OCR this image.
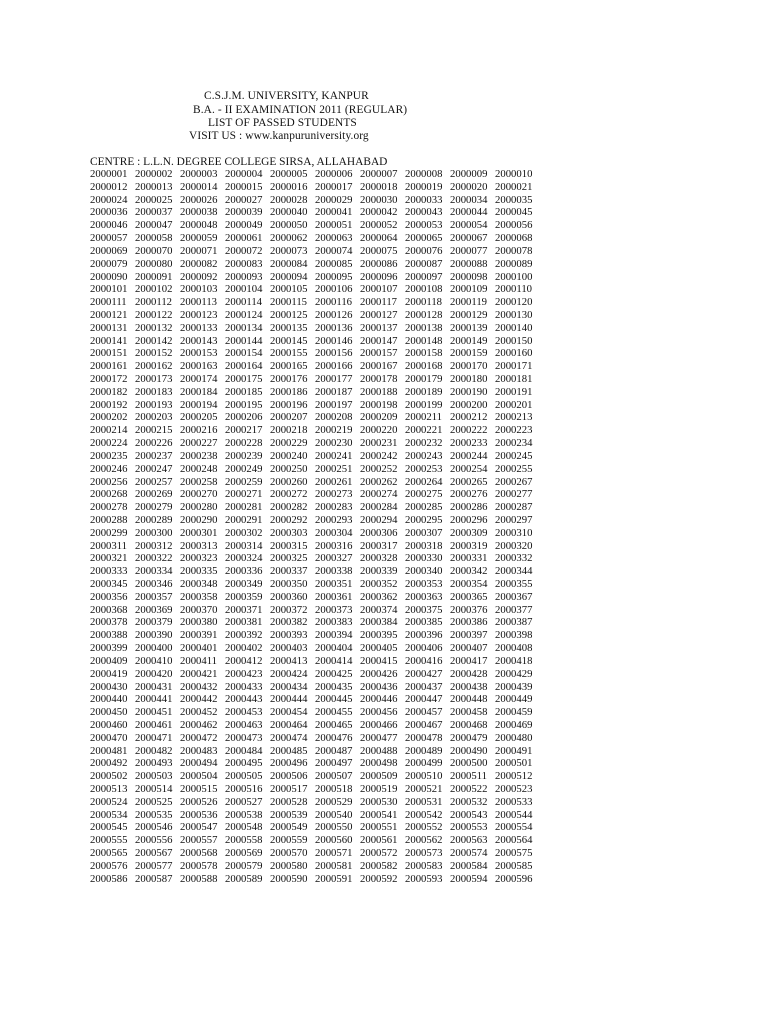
C.S.J.M. UNIVERSITY, KANPUR
B.A. - II EXAMINATION 2011 (REGULAR)
LIST OF PASSED STUDENTS
VISIT US : www.kanpuruniversity.org
CENTRE : L.L.N. DEGREE COLLEGE SIRSA, ALLAHABAD
2000001 2000002 2000003 2000004 2000005 2000006 2000007 2000008 2000009 2000010
2000012 2000013 2000014 2000015 2000016 2000017 2000018 2000019 2000020 2000021
2000024 2000025 2000026 2000027 2000028 2000029 2000030 2000033 2000034 2000035
2000036 2000037 2000038 2000039 2000040 2000041 2000042 2000043 2000044 2000045
2000046 2000047 2000048 2000049 2000050 2000051 2000052 2000053 2000054 2000056
2000057 2000058 2000059 2000061 2000062 2000063 2000064 2000065 2000067 2000068
2000069 2000070 2000071 2000072 2000073 2000074 2000075 2000076 2000077 2000078
2000079 2000080 2000082 2000083 2000084 2000085 2000086 2000087 2000088 2000089
2000090 2000091 2000092 2000093 2000094 2000095 2000096 2000097 2000098 2000100
2000101 2000102 2000103 2000104 2000105 2000106 2000107 2000108 2000109 2000110
2000111 2000112 2000113 2000114 2000115 2000116 2000117 2000118 2000119 2000120
2000121 2000122 2000123 2000124 2000125 2000126 2000127 2000128 2000129 2000130
2000131 2000132 2000133 2000134 2000135 2000136 2000137 2000138 2000139 2000140
2000141 2000142 2000143 2000144 2000145 2000146 2000147 2000148 2000149 2000150
2000151 2000152 2000153 2000154 2000155 2000156 2000157 2000158 2000159 2000160
2000161 2000162 2000163 2000164 2000165 2000166 2000167 2000168 2000170 2000171
2000172 2000173 2000174 2000175 2000176 2000177 2000178 2000179 2000180 2000181
2000182 2000183 2000184 2000185 2000186 2000187 2000188 2000189 2000190 2000191
2000192 2000193 2000194 2000195 2000196 2000197 2000198 2000199 2000200 2000201
2000202 2000203 2000205 2000206 2000207 2000208 2000209 2000211 2000212 2000213
2000214 2000215 2000216 2000217 2000218 2000219 2000220 2000221 2000222 2000223
2000224 2000226 2000227 2000228 2000229 2000230 2000231 2000232 2000233 2000234
2000235 2000237 2000238 2000239 2000240 2000241 2000242 2000243 2000244 2000245
2000246 2000247 2000248 2000249 2000250 2000251 2000252 2000253 2000254 2000255
2000256 2000257 2000258 2000259 2000260 2000261 2000262 2000264 2000265 2000267
2000268 2000269 2000270 2000271 2000272 2000273 2000274 2000275 2000276 2000277
2000278 2000279 2000280 2000281 2000282 2000283 2000284 2000285 2000286 2000287
2000288 2000289 2000290 2000291 2000292 2000293 2000294 2000295 2000296 2000297
2000299 2000300 2000301 2000302 2000303 2000304 2000306 2000307 2000309 2000310
2000311 2000312 2000313 2000314 2000315 2000316 2000317 2000318 2000319 2000320
2000321 2000322 2000323 2000324 2000325 2000327 2000328 2000330 2000331 2000332
2000333 2000334 2000335 2000336 2000337 2000338 2000339 2000340 2000342 2000344
2000345 2000346 2000348 2000349 2000350 2000351 2000352 2000353 2000354 2000355
2000356 2000357 2000358 2000359 2000360 2000361 2000362 2000363 2000365 2000367
2000368 2000369 2000370 2000371 2000372 2000373 2000374 2000375 2000376 2000377
2000378 2000379 2000380 2000381 2000382 2000383 2000384 2000385 2000386 2000387
2000388 2000390 2000391 2000392 2000393 2000394 2000395 2000396 2000397 2000398
2000399 2000400 2000401 2000402 2000403 2000404 2000405 2000406 2000407 2000408
2000409 2000410 2000411 2000412 2000413 2000414 2000415 2000416 2000417 2000418
2000419 2000420 2000421 2000423 2000424 2000425 2000426 2000427 2000428 2000429
2000430 2000431 2000432 2000433 2000434 2000435 2000436 2000437 2000438 2000439
2000440 2000441 2000442 2000443 2000444 2000445 2000446 2000447 2000448 2000449
2000450 2000451 2000452 2000453 2000454 2000455 2000456 2000457 2000458 2000459
2000460 2000461 2000462 2000463 2000464 2000465 2000466 2000467 2000468 2000469
2000470 2000471 2000472 2000473 2000474 2000476 2000477 2000478 2000479 2000480
2000481 2000482 2000483 2000484 2000485 2000487 2000488 2000489 2000490 2000491
2000492 2000493 2000494 2000495 2000496 2000497 2000498 2000499 2000500 2000501
2000502 2000503 2000504 2000505 2000506 2000507 2000509 2000510 2000511 2000512
2000513 2000514 2000515 2000516 2000517 2000518 2000519 2000521 2000522 2000523
2000524 2000525 2000526 2000527 2000528 2000529 2000530 2000531 2000532 2000533
2000534 2000535 2000536 2000538 2000539 2000540 2000541 2000542 2000543 2000544
2000545 2000546 2000547 2000548 2000549 2000550 2000551 2000552 2000553 2000554
2000555 2000556 2000557 2000558 2000559 2000560 2000561 2000562 2000563 2000564
2000565 2000567 2000568 2000569 2000570 2000571 2000572 2000573 2000574 2000575
2000576 2000577 2000578 2000579 2000580 2000581 2000582 2000583 2000584 2000585
2000586 2000587 2000588 2000589 2000590 2000591 2000592 2000593 2000594 2000596
